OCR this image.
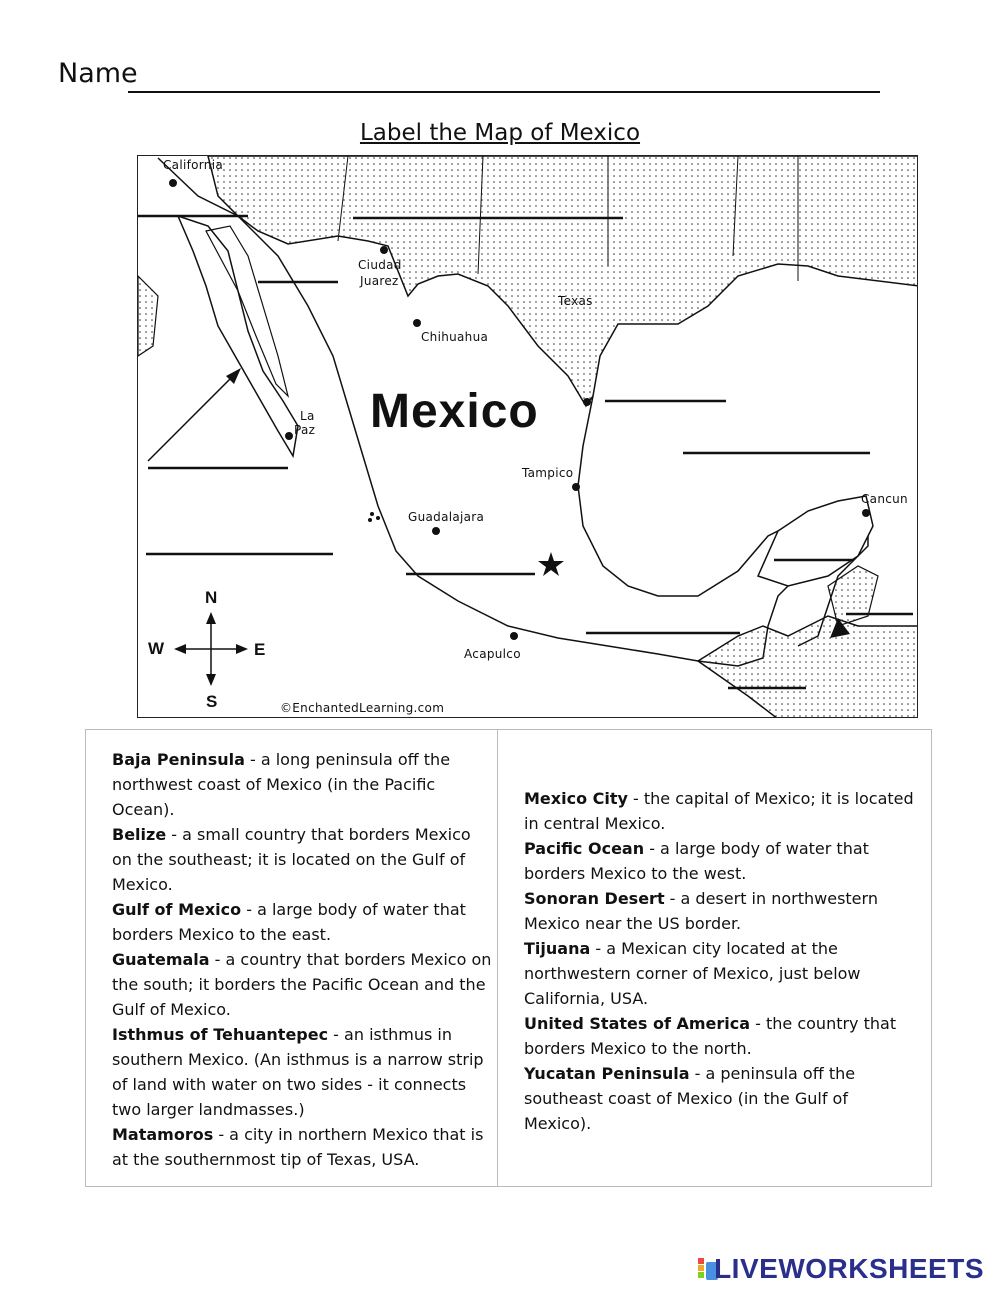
Name
Label the Map of Mexico
California
Ciudad
Juarez
Texas
Chihuahua
La
Paz
Tampico
Cancun
Guadalajara
Acapulco
Mexico
N
S
E
W
©EnchantedLearning.com
Baja Peninsula - a long peninsula off the northwest coast of Mexico (in the Pacific Ocean).
Belize - a small country that borders Mexico on the southeast; it is located on the Gulf of Mexico.
Gulf of Mexico - a large body of water that borders Mexico to the east.
Guatemala - a country that borders Mexico on the south; it borders the Pacific Ocean and the Gulf of Mexico.
Isthmus of Tehuantepec - an isthmus in southern Mexico. (An isthmus is a narrow strip of land with water on two sides - it connects two larger landmasses.)
Matamoros - a city in northern Mexico that is at the southernmost tip of Texas, USA.
Mexico City - the capital of Mexico; it is located in central Mexico.
Pacific Ocean - a large body of water that borders Mexico to the west.
Sonoran Desert - a desert in northwestern Mexico near the US border.
Tijuana - a Mexican city located at the northwestern corner of Mexico, just below California, USA.
United States of America - the country that borders Mexico to the north.
Yucatan Peninsula - a peninsula off the southeast coast of Mexico (in the Gulf of Mexico).
LIVEWORKSHEETS
